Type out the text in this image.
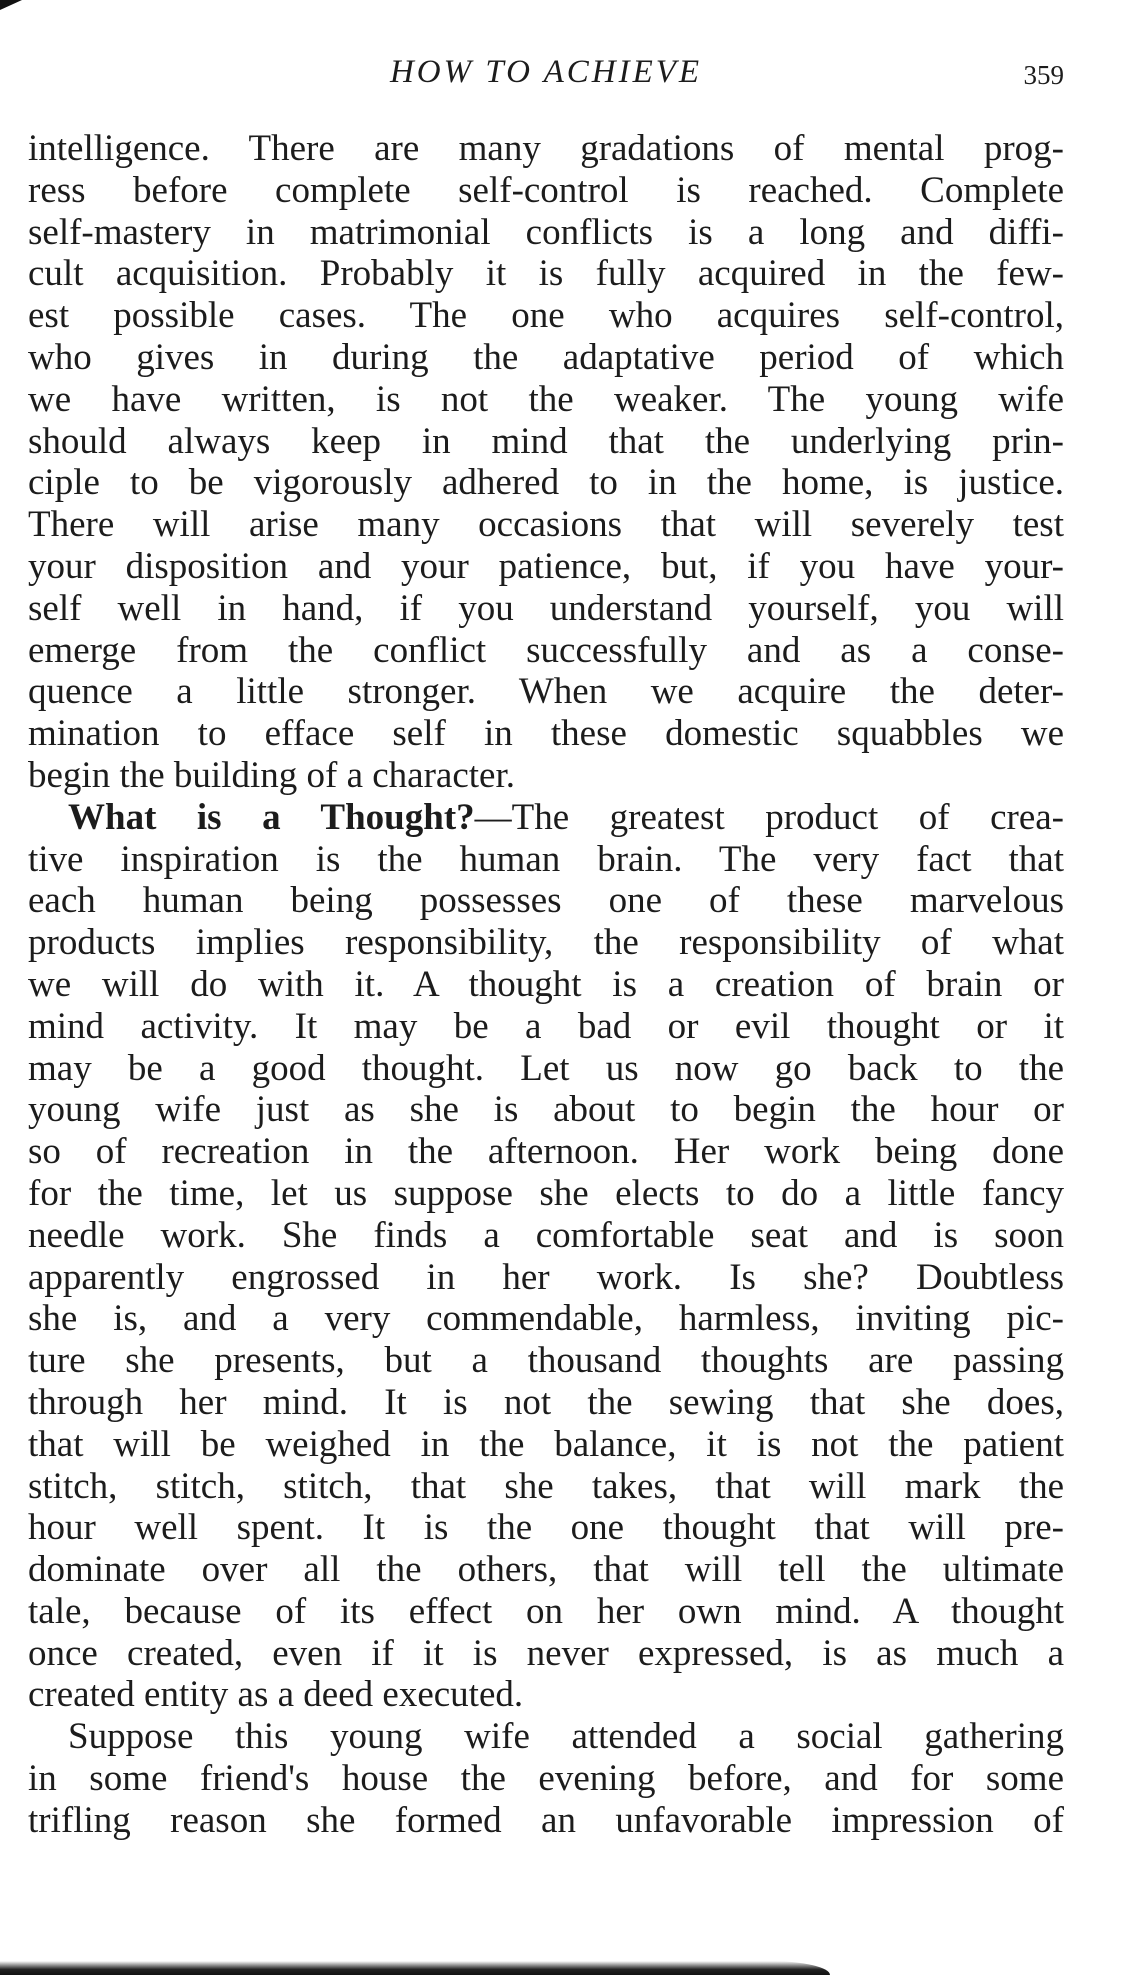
HOW TO ACHIEVE	359
intelligence. There are many gradations of mental prog-
ress before complete self-control is reached. Complete
self-mastery in matrimonial conflicts is a long and diffi-
cult acquisition. Probably it is fully acquired in the few-
est possible cases. The one who acquires self-control,
who gives in during the adaptative period of which
we have written, is not the weaker. The young wife
should always keep in mind that the underlying prin-
ciple to be vigorously adhered to in the home, is justice.
There will arise many occasions that will severely test
your disposition and your patience, but, if you have your-
self well in hand, if you understand yourself, you will
emerge from the conflict successfully and as a conse-
quence a little stronger. When we acquire the deter-
mination to efface self in these domestic squabbles we
begin the building of a character.
What is a Thought?—The greatest product of crea-
tive inspiration is the human brain. The very fact that
each human being possesses one of these marvelous
products implies responsibility, the responsibility of what
we will do with it. A thought is a creation of brain or
mind activity. It may be a bad or evil thought or it
may be a good thought. Let us now go back to the
young wife just as she is about to begin the hour or
so of recreation in the afternoon. Her work being done
for the time, let us suppose she elects to do a little fancy
needle work. She finds a comfortable seat and is soon
apparently engrossed in her work. Is she? Doubtless
she is, and a very commendable, harmless, inviting pic-
ture she presents, but a thousand thoughts are passing
through her mind. It is not the sewing that she does,
that will be weighed in the balance, it is not the patient
stitch, stitch, stitch, that she takes, that will mark the
hour well spent. It is the one thought that will pre-
dominate over all the others, that will tell the ultimate
tale, because of its effect on her own mind. A thought
once created, even if it is never expressed, is as much a
created entity as a deed executed.
Suppose this young wife attended a social gathering
in some friend's house the evening before, and for some
trifling reason she formed an unfavorable impression of
